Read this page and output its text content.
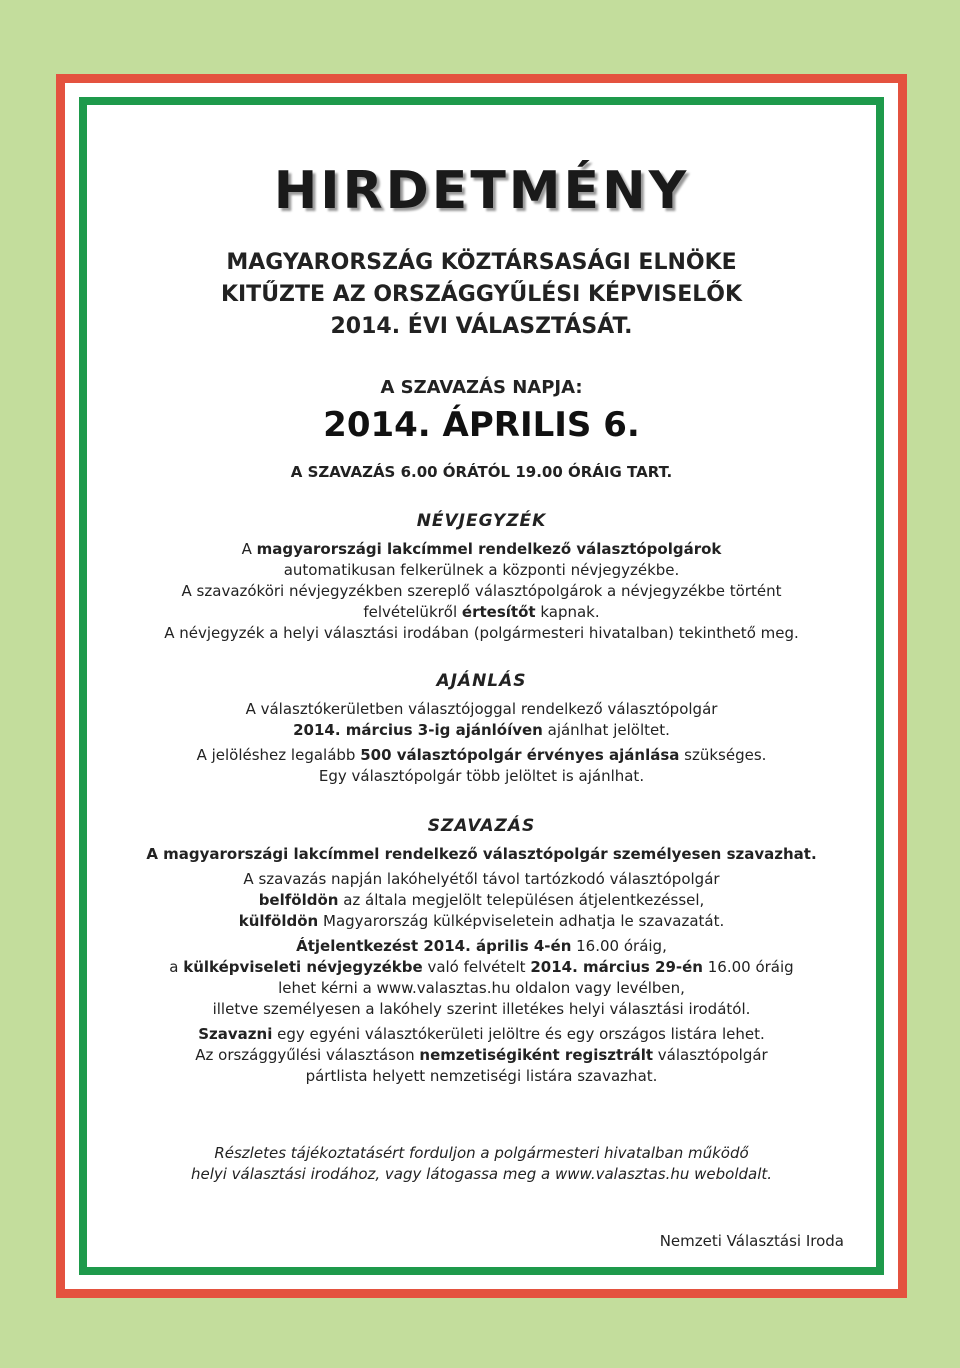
HIRDETMÉNY

MAGYARORSZÁG KÖZTÁRSASÁGI ELNÖKE

KITŰZTE AZ ORSZÁGGYŰLÉSI KÉPVISELŐK

2014. ÉVI VÁLASZTÁSÁT.

A SZAVAZÁS NAPJA:

2014. ÁPRILIS 6.

A SZAVAZÁS 6.00 ÓRÁTÓL 19.00 ÓRÁIG TART.

NÉVJEGYZÉK

A magyarországi lakcímmel rendelkező választópolgárok

automatikusan felkerülnek a központi névjegyzékbe.

A szavazóköri névjegyzékben szereplő választópolgárok a névjegyzékbe történt

felvételükről értesítőt kapnak.

A névjegyzék a helyi választási irodában (polgármesteri hivatalban) tekinthető meg.

AJÁNLÁS

A választókerületben választójoggal rendelkező választópolgár

2014. március 3-ig ajánlóíven ajánlhat jelöltet.

A jelöléshez legalább 500 választópolgár érvényes ajánlása szükséges.

Egy választópolgár több jelöltet is ajánlhat.

SZAVAZÁS

A magyarországi lakcímmel rendelkező választópolgár személyesen szavazhat.

A szavazás napján lakóhelyétől távol tartózkodó választópolgár

belföldön az általa megjelölt településen átjelentkezéssel,

külföldön Magyarország külképviseletein adhatja le szavazatát.

Átjelentkezést 2014. április 4-én 16.00 óráig,

a külképviseleti névjegyzékbe való felvételt 2014. március 29-én 16.00 óráig

lehet kérni a www.valasztas.hu oldalon vagy levélben,

illetve személyesen a lakóhely szerint illetékes helyi választási irodától.

Szavazni egy egyéni választókerületi jelöltre és egy országos listára lehet.

Az országgyűlési választáson nemzetiségiként regisztrált választópolgár

pártlista helyett nemzetiségi listára szavazhat.

Részletes tájékoztatásért forduljon a polgármesteri hivatalban működő

helyi választási irodához, vagy látogassa meg a www.valasztas.hu weboldalt.

Nemzeti Választási Iroda
